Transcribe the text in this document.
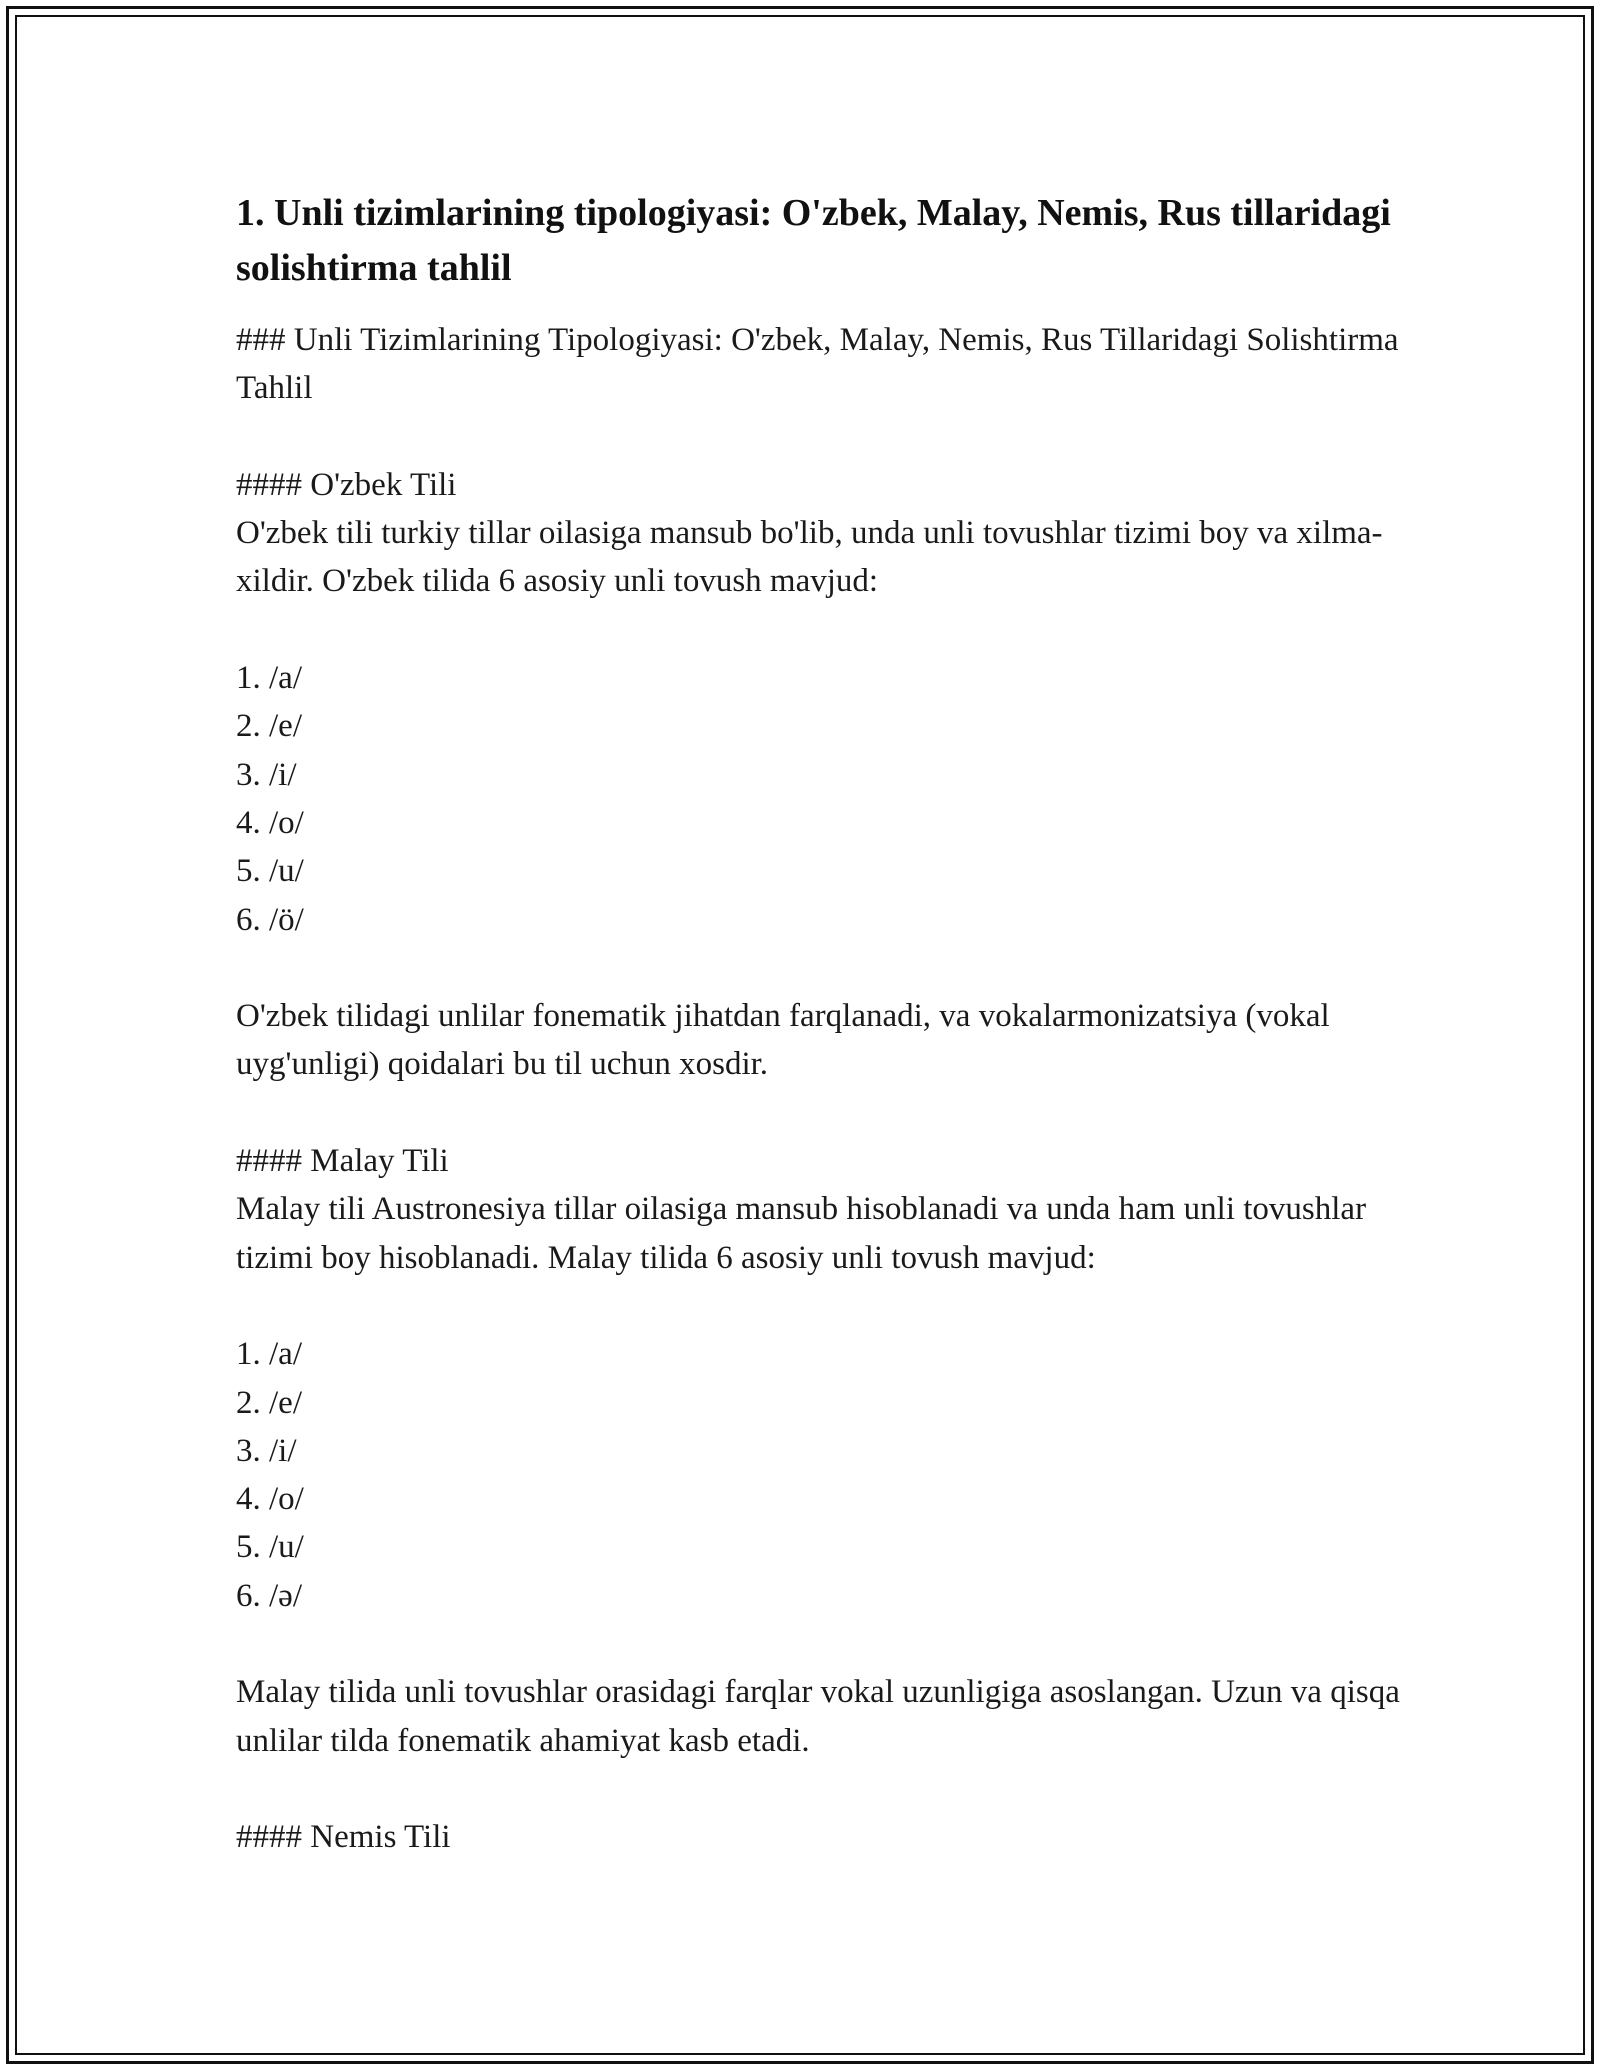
1. Unli tizimlarining tipologiyasi: O'zbek, Malay, Nemis, Rus tillaridagi solishtirma tahlil

### Unli Tizimlarining Tipologiyasi: O'zbek, Malay, Nemis, Rus Tillaridagi Solishtirma Tahlil

#### O'zbek Tili

O'zbek tili turkiy tillar oilasiga mansub bo'lib, unda unli tovushlar tizimi boy va xilma-xildir. O'zbek tilida 6 asosiy unli tovush mavjud:

1. /a/

2. /e/

3. /i/

4. /o/

5. /u/

6. /ö/

O'zbek tilidagi unlilar fonematik jihatdan farqlanadi, va vokalarmonizatsiya (vokal uyg'unligi) qoidalari bu til uchun xosdir.

#### Malay Tili

Malay tili Austronesiya tillar oilasiga mansub hisoblanadi va unda ham unli tovushlar tizimi boy hisoblanadi. Malay tilida 6 asosiy unli tovush mavjud:

1. /a/

2. /e/

3. /i/

4. /o/

5. /u/

6. /ə/

Malay tilida unli tovushlar orasidagi farqlar vokal uzunligiga asoslangan. Uzun va qisqa unlilar tilda fonematik ahamiyat kasb etadi.

#### Nemis Tili
